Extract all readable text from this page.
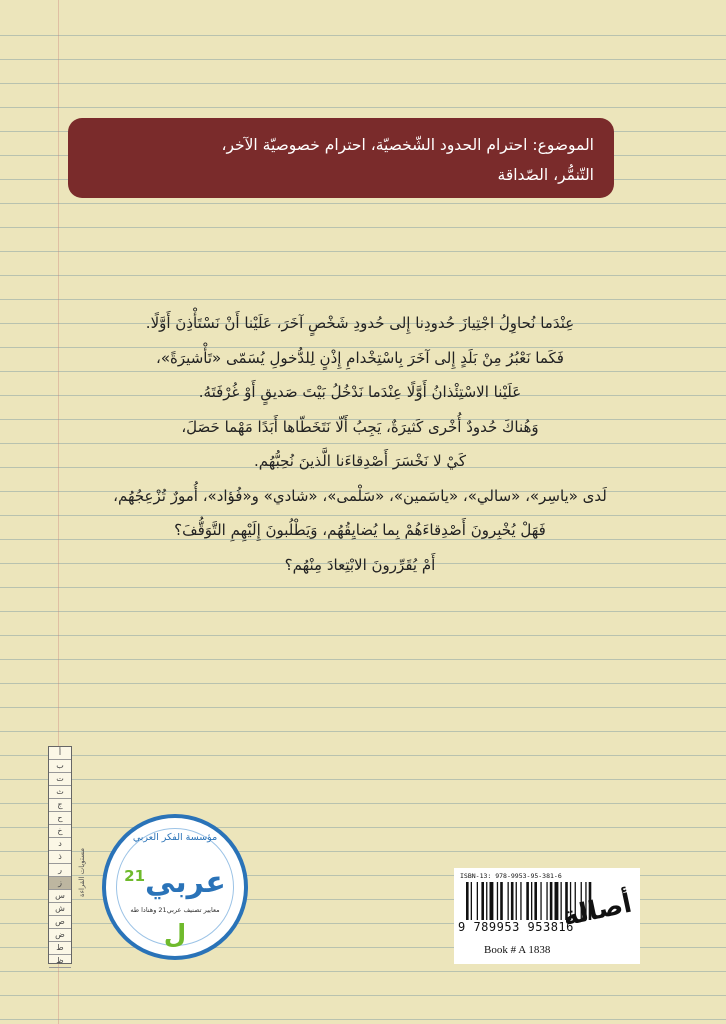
الموضوع: احترام الحدود الشّخصيّة، احترام خصوصيّة الآخر،
التّنمُّر، الصّداقة
عِنْدَما نُحاوِلُ اجْتِيازَ حُدودِنا إِلى حُدودِ شَخْصٍ آخَرَ، عَلَيْنا أَنْ نَسْتَأْذِنَ أَوَّلًا.
فَكَما نَعْبُرُ مِنْ بَلَدٍ إِلى آخَرَ بِاسْتِخْدامِ إِذْنٍ لِلدُّخولِ يُسَمّى «تَأْشيرَةً»،
عَلَيْنا الاسْتِئْذانُ أَوَّلًا عِنْدَما نَدْخُلُ بَيْتَ صَديقٍ أَوْ غُرْفَتَهُ.
وَهُناكَ حُدودٌ أُخْرى كَثيرَةٌ، يَجِبُ أَلّا نَتَخَطّاها أَبَدًا مَهْما حَصَلَ،
كَيْ لا نَخْسَرَ أَصْدِقاءَنا الَّذينَ نُحِبُّهُم.
لَدى «ياسِر»، «سالي»، «ياسَمين»، «سَلْمى»، «شادي» و«فُؤاد»، أُمورٌ تُزْعِجُهُم،
فَهَلْ يُخْبِرونَ أَصْدِقاءَهُمْ بِما يُضايِقُهُم، وَيَطْلُبونَ إِلَيْهِمِ التَّوَقُّفَ؟
أَمْ يُقَرِّرونَ الابْتِعادَ مِنْهُم؟
أ
ب
ت
ث
ج
ح
خ
د
ذ
ر
ز
س
ش
ص
ض
ط
ظ
مستويات القراءة
مؤسسة الفكر العربي
عربي$^{21}$
معايير تصنيف عربي21 وهنادا طه
ل
ISBN-13: 978-9953-95-381-6
9 789953 953816
Book # A 1838
أصالة
